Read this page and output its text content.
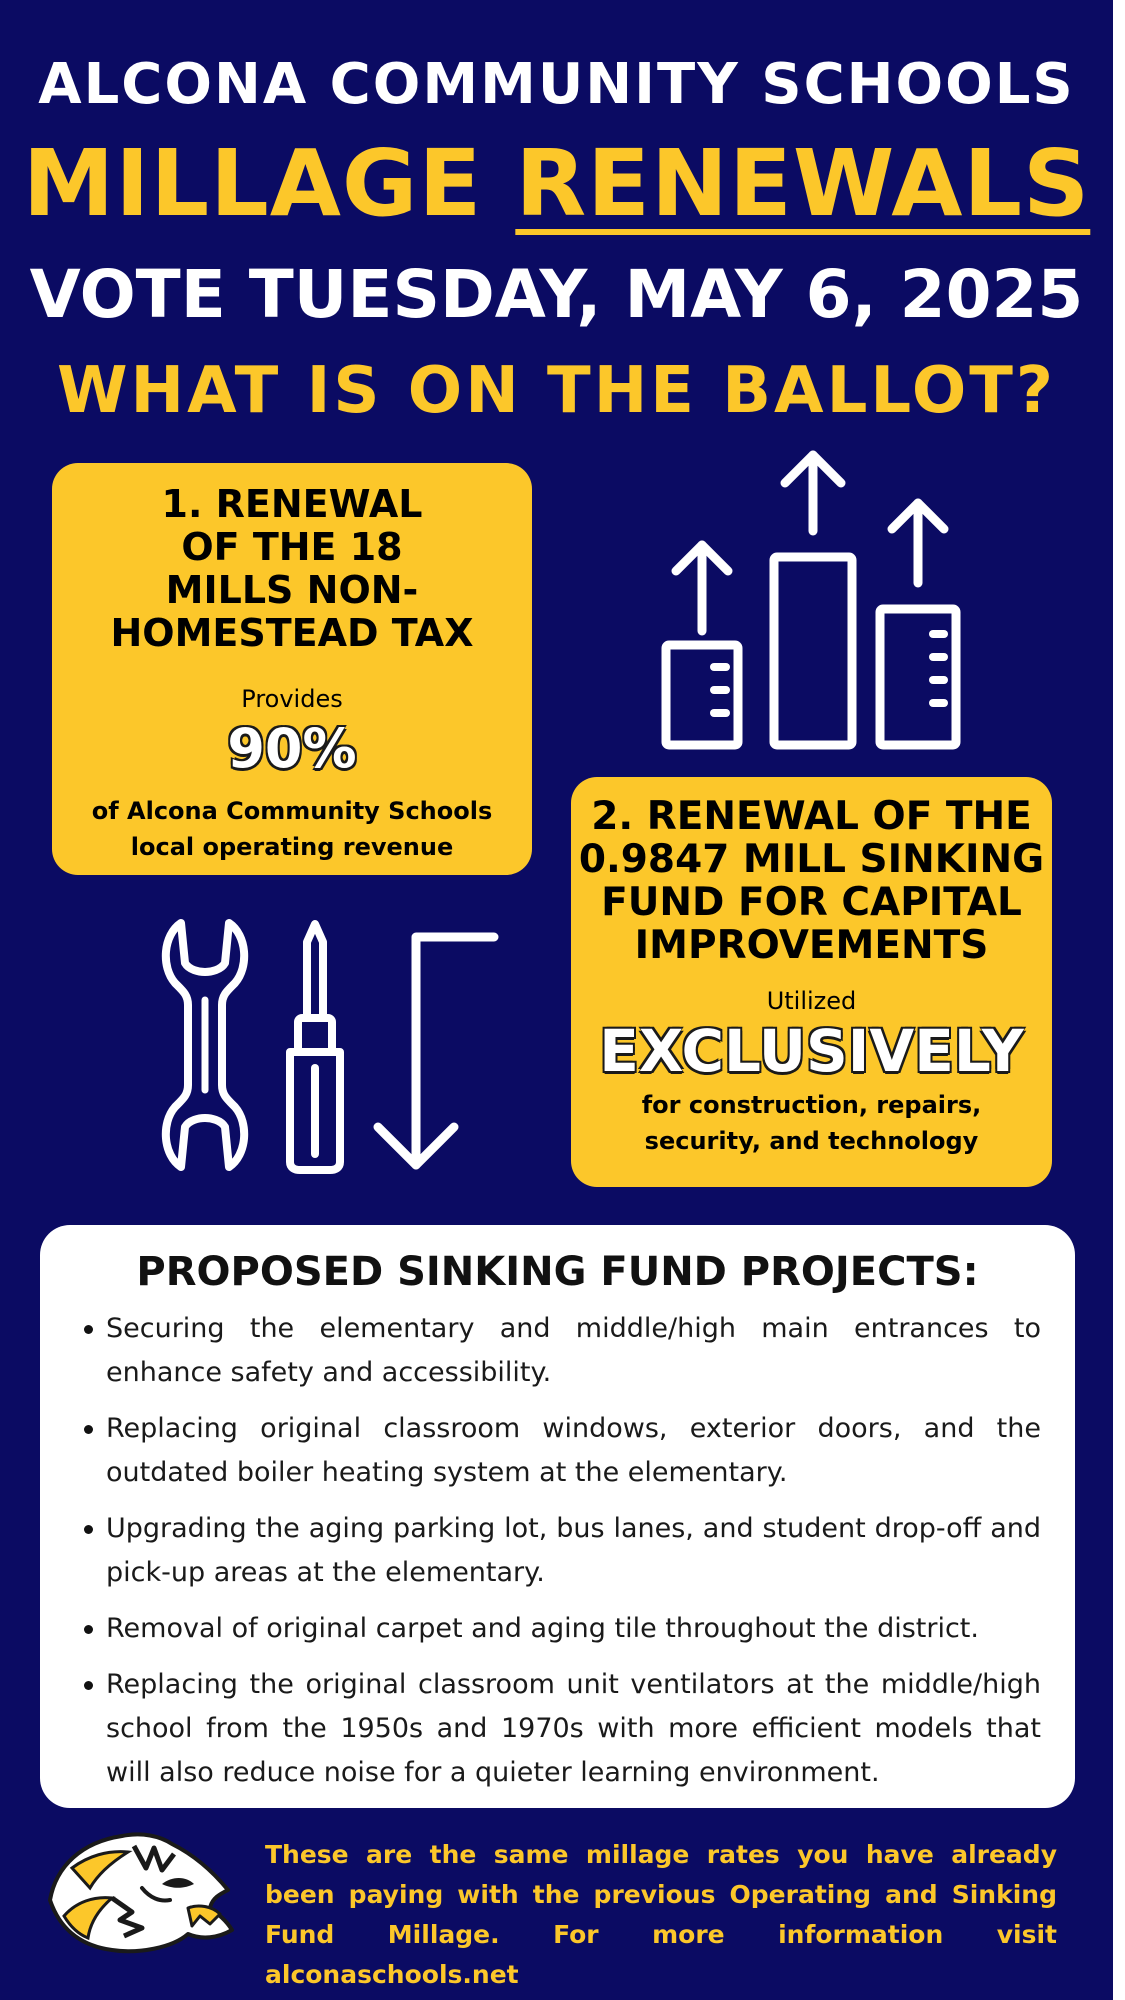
ALCONA COMMUNITY SCHOOLS
MILLAGE RENEWALS
VOTE TUESDAY, MAY 6, 2025
WHAT IS ON THE BALLOT?
1. RENEWAL
OF THE 18
MILLS NON-
HOMESTEAD TAX
Provides
90%
of Alcona Community Schools
local operating revenue
2. RENEWAL OF THE
0.9847 MILL SINKING
FUND FOR CAPITAL
IMPROVEMENTS
Utilized
EXCLUSIVELY
for construction, repairs,
security, and technology
PROPOSED SINKING FUND PROJECTS:
Securing the elementary and middle/high main entrances to enhance safety and accessibility.
Replacing original classroom windows, exterior doors, and the outdated boiler heating system at the elementary.
Upgrading the aging parking lot, bus lanes, and student drop-off and pick-up areas at the elementary.
Removal of original carpet and aging tile throughout the district.
Replacing the original classroom unit ventilators at the middle/high school from the 1950s and 1970s with more efficient models that will also reduce noise for a quieter learning environment.
These are the same millage rates you have already been paying with the previous Operating and Sinking Fund Millage. For more information visit alconaschools.net
